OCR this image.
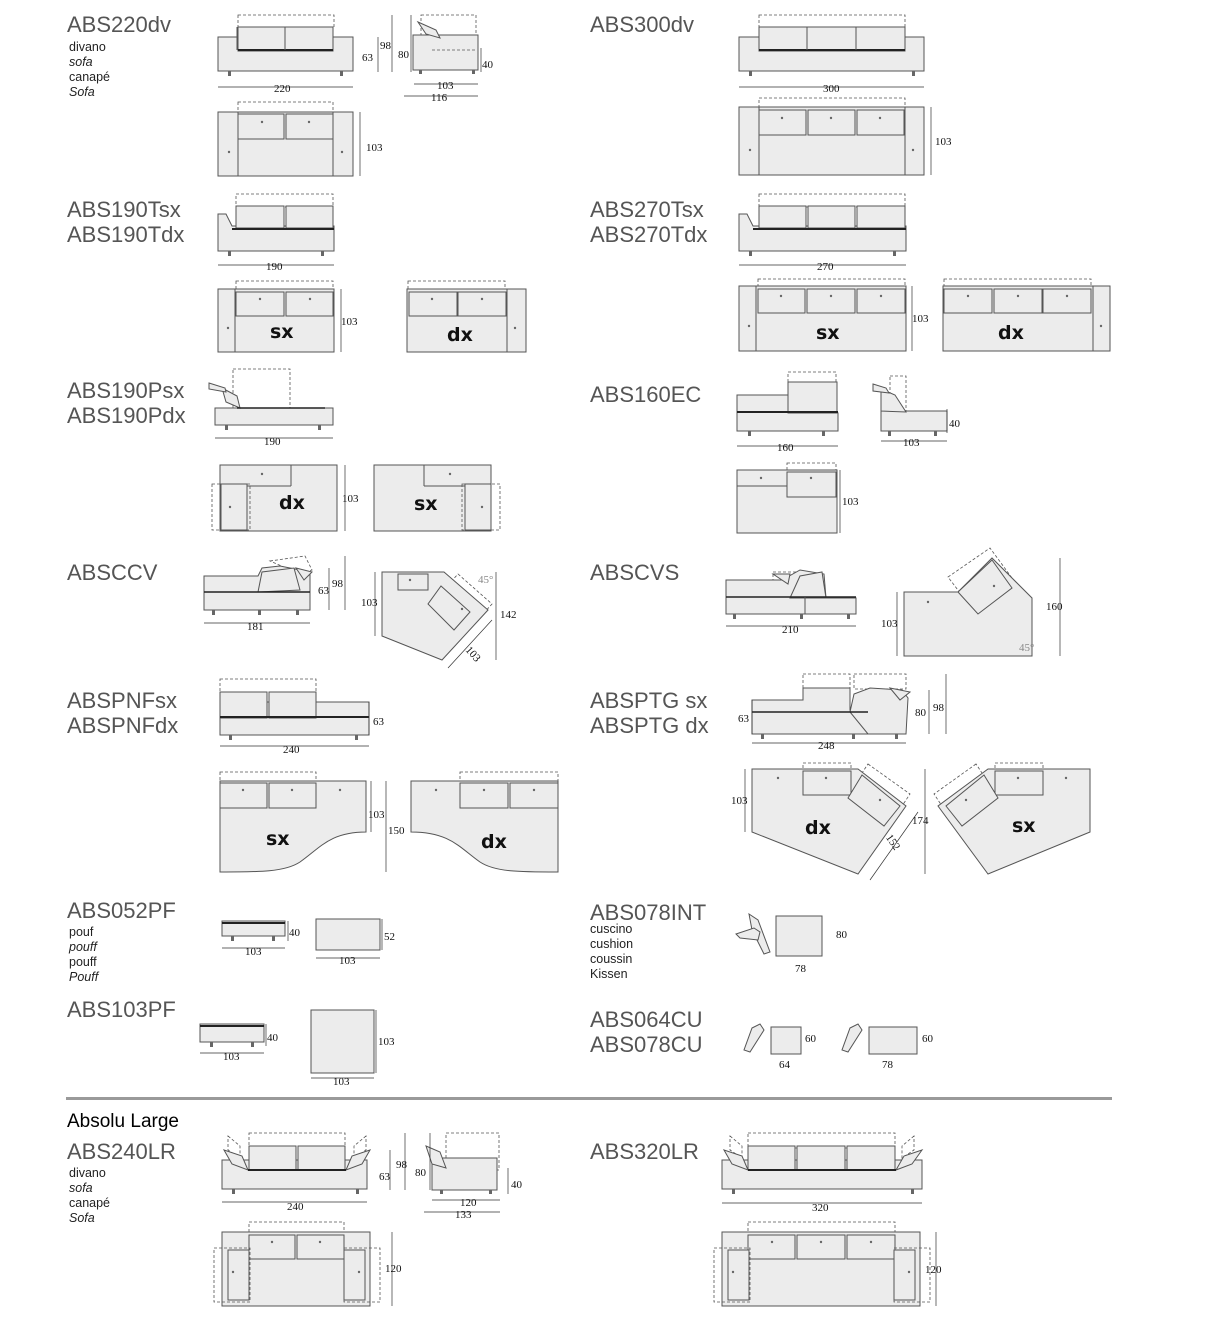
ABS220dv
divano
sofa
canapé
Sofa
ABS300dv
ABS190Tsx
ABS190Tdx
ABS270Tsx
ABS270Tdx
ABS190Psx
ABS190Pdx
ABS160EC
ABSCCV	ABSCVS
ABSPNFsx
ABSPNFdx
ABSPTG sx
ABSPTG dx
ABS052PF
pouf
pouff
pouff
Pouff
ABS078INT
cuscino
cushion
coussin
Kissen
ABS103PF	ABS064CU
ABS078CU
Absolu Large
ABS240LR
divano
sofa
canapé
Sofa
ABS320LR
220
63
98
80
40
103
116
103
300
103
190
sx	103
dx
270
sx
103
dx
190
dx	103	sx
160
40
103
103
181
63
98	45°
103
142
103
210
45°
103
160
240
63
sx
103
150	dx
248
63	80 98
dx
103
152
174	sx
103
40
103
52	80
78
103
40
103
103	60
64
60
78
240
63
98
80
40
120
133
120
320
120
